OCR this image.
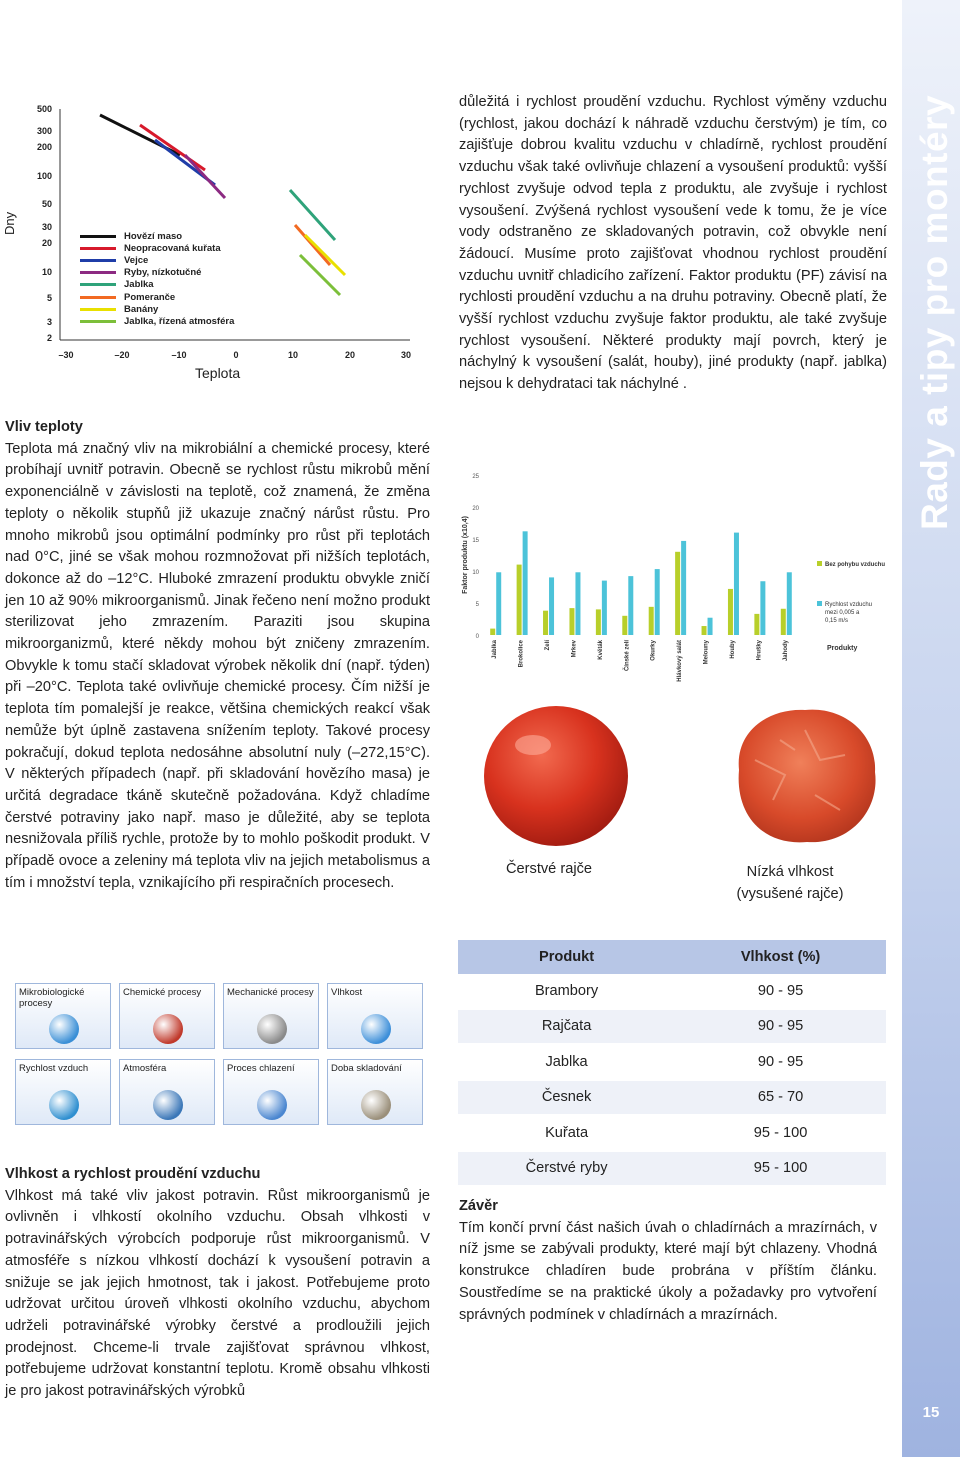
500
300
200
100
50
30
20
10
5
3
2
–30	–20	–10	0	10	20	30
Dny
Teplota
Hovězí maso
Neopracovaná kuřata
Vejce
Ryby, nízkotučné
Jablka
Pomeranče
Banány
Jablka, řízená atmosféra

Vliv teploty

Teplota má značný vliv na mikrobiální a chemické procesy, které probíhají uvnitř potravin. Obecně se rychlost růstu mikrobů mění exponenciálně v závislosti na teplotě, což znamená, že změna teploty o několik stupňů již ukazuje značný nárůst růstu. Pro mnoho mikrobů jsou optimální podmínky pro růst při teplotách nad 0°C, jiné se však mohou rozmnožovat při nižších teplotách, dokonce až do –12°C. Hluboké zmrazení produktu obvykle zničí jen 10 až 90% mikroorganismů. Jinak řečeno není možno produkt sterilizovat jeho zmrazením. Paraziti jsou skupina mikroorganizmů, které někdy mohou být zničeny zmrazením. Obvykle k tomu stačí skladovat výrobek několik dní (např. týden) při –20°C. Teplota také ovlivňuje chemické procesy. Čím nižší je teplota tím pomalejší je reakce, většina chemických reakcí však nemůže být úplně zastavena snížením teploty. Takové procesy pokračují, dokud teplota nedosáhne absolutní nuly (–272,15°C). V některých případech (např. při skladování hovězího masa) je určitá degradace tkáně skutečně požadována. Když chladíme čerstvé potraviny jako např. maso je důležité, aby se teplota nesnižovala příliš rychle, protože by to mohlo poškodit produkt. V případě ovoce a zeleniny má teplota vliv na jejich metabolismus a tím i množství tepla, vznikajícího při respiračních procesech.

Mikrobiologické procesy
Chemické procesy	Mechanické procesy Vlhkost
Rychlost vzduch	Atmosféra	Proces chlazení	Doba skladování

Vlhkost a rychlost proudění vzduchu

Vlhkost má také vliv jakost potravin. Růst mikroorganismů je ovlivněn i vlhkostí okolního vzduchu. Obsah vlhkosti v potravinářských výrobcích podporuje růst mikroorganismů. V atmosféře s nízkou vlhkostí dochází k vysoušení potravin a snižuje se jak jejich hmotnost, tak i jakost. Potřebujeme proto udržovat určitou úroveň vlhkosti okolního vzduchu, abychom udrželi potravinářské výrobky čerstvé a prodloužili jejich prodejnost. Chceme-li trvale zajišťovat správnou vlhkost, potřebujeme udržovat konstantní teplotu. Kromě obsahu vlhkosti je pro jakost potravinářských výrobků

důležitá i rychlost proudění vzduchu. Rychlost výměny vzduchu (rychlost, jakou dochází k náhradě vzduchu čerstvým) je tím, co zajišťuje dobrou kvalitu vzduchu v chladírně, rychlost proudění vzduchu však také ovlivňuje chlazení a vysoušení produktů: vyšší rychlost zvyšuje odvod tepla z produktu, ale zvyšuje i rychlost vysoušení. Zvýšená rychlost vysoušení vede k tomu, že je více vody odstraněno ze skladovaných potravin, což obvykle není žádoucí. Musíme proto zajišťovat vhodnou rychlost proudění vzduchu uvnitř chladicího zařízení. Faktor produktu (PF) závisí na rychlosti proudění vzduchu a na druhu potraviny. Obecně platí, že vyšší rychlost vzduchu zvyšuje faktor produktu, ale také zvyšuje rychlost vysoušení. Některé produkty mají povrch, který je náchylný k vysoušení (salát, houby), jiné produkty (např. jablka) nejsou k dehydrataci tak náchylné .

Faktor produktu (x10,4)
25
20
15
10
5
0
Jablka	Brokolice	Zelí	Mrkev	Květák	Čínské zelí	Okurky	Hlávkový salát	Melouny	Houby	Hrušky	Jahody
Bez pohybu vzduchu
Rychlost vzduchu mezi 0,005 a 0,15 m/s
Produkty
Čerstvé rajče	Nízká vlhkost
(vysušené rajče)
Produkt	Vlhkost (%)
Brambory	90 - 95
Rajčata	90 - 95
Jablka	90 - 95
Česnek	65 - 70
Kuřata	95 - 100
Čerstvé ryby	95 - 100

Závěr

Tím končí první část našich úvah o chladírnách a mrazírnách, v níž jsme se zabývali produkty, které mají být chlazeny. Vhodná konstrukce chladíren bude probrána v příštím článku. Soustředíme se na praktické úkoly a požadavky pro vytvoření správných podmínek v chladírnách a mrazírnách.

Rady a tipy pro montéry
15
